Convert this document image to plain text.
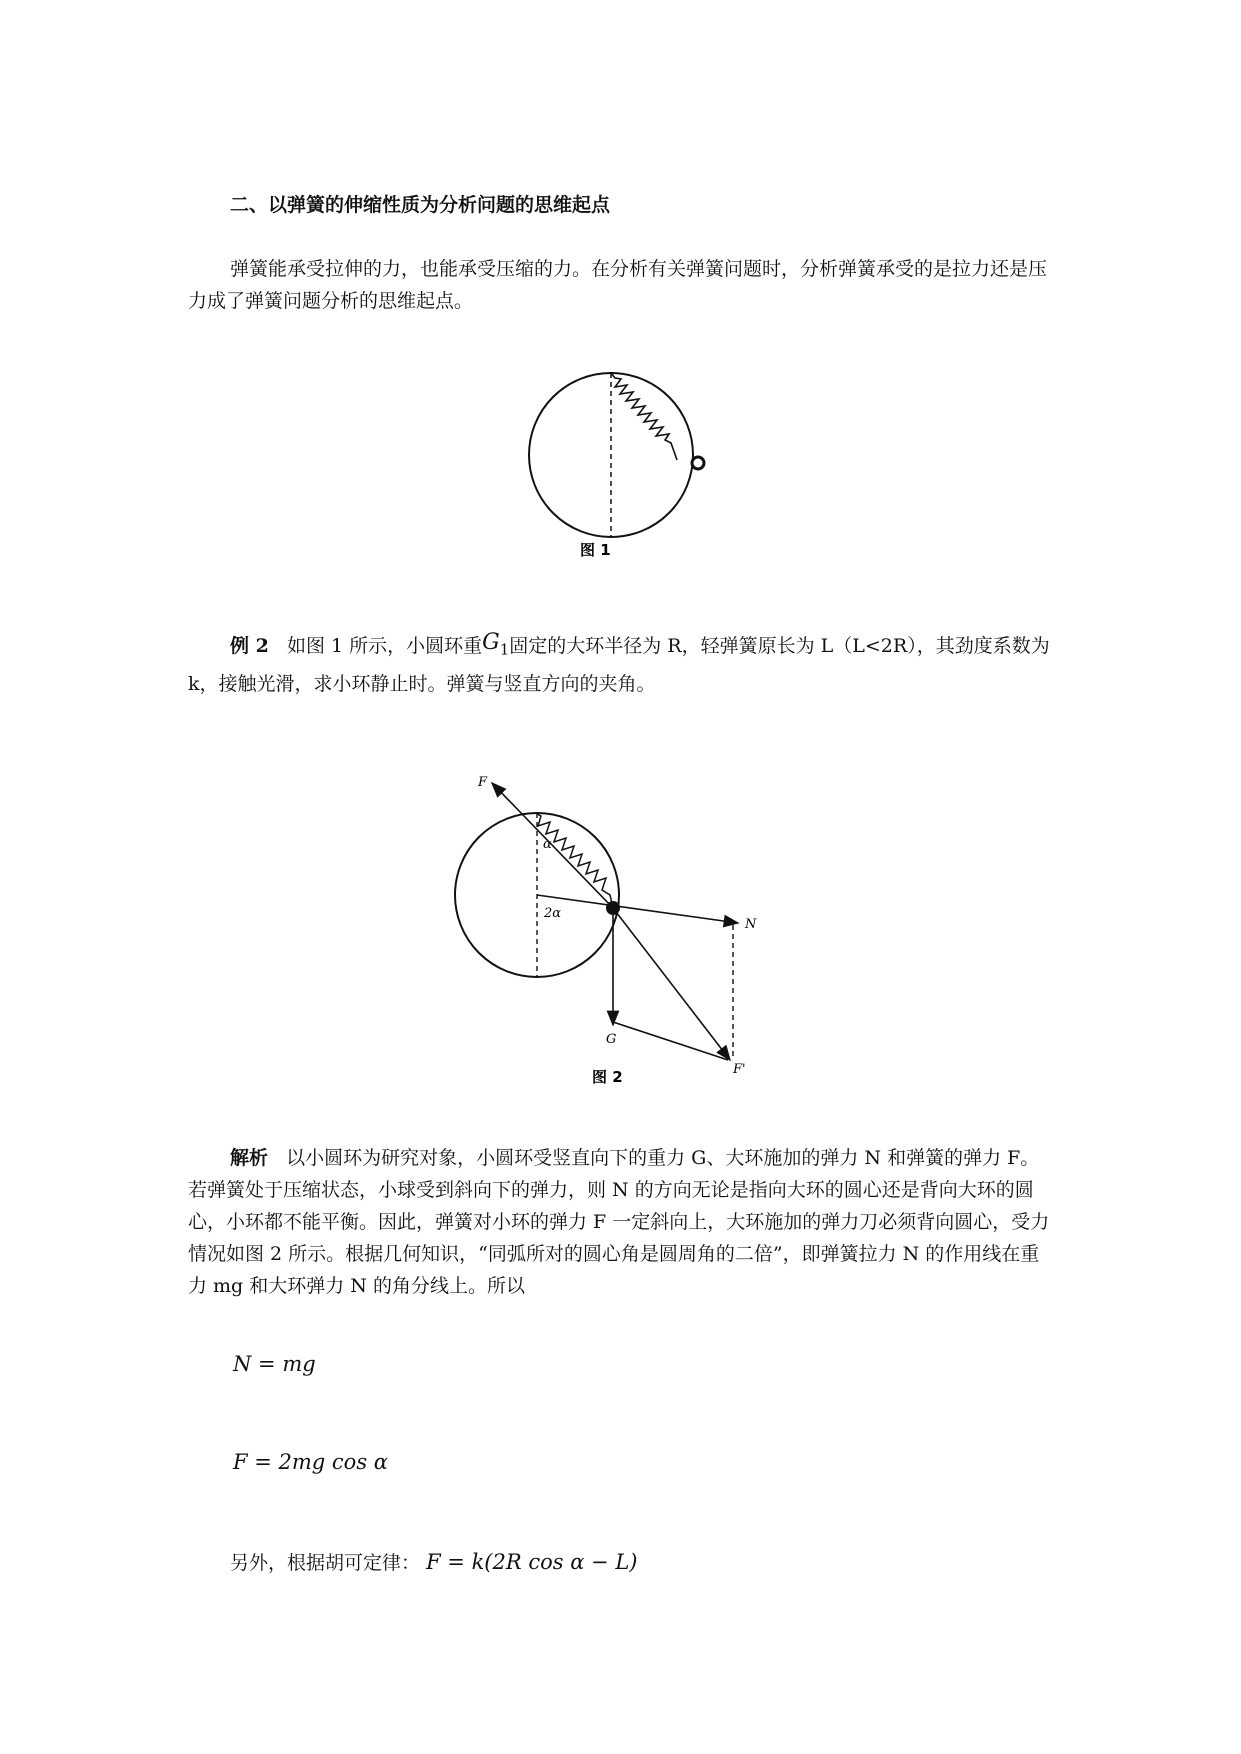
二、以弹簧的伸缩性质为分析问题的思维起点

弹簧能承受拉伸的力，也能承受压缩的力。在分析有关弹簧问题时，分析弹簧承受的是拉力还是压力成了弹簧问题分析的思维起点。

图 1

例 2 如图 1 所示，小圆环重$G_1$固定的大环半径为 R，轻弹簧原长为 L（L<2R），其劲度系数为 k，接触光滑，求小环静止时。弹簧与竖直方向的夹角。

F
α
2α
N
G
F'
图 2

解析 以小圆环为研究对象，小圆环受竖直向下的重力 G、大环施加的弹力 N 和弹簧的弹力 F。若弹簧处于压缩状态，小球受到斜向下的弹力，则 N 的方向无论是指向大环的圆心还是背向大环的圆心，小环都不能平衡。因此，弹簧对小环的弹力 F 一定斜向上，大环施加的弹力刀必须背向圆心，受力情况如图 2 所示。根据几何知识，“同弧所对的圆心角是圆周角的二倍”，即弹簧拉力 N 的作用线在重力 mg 和大环弹力 N 的角分线上。所以

N = mg
F = 2mg cos α
另外，根据胡可定律： F = k(2R cos α − L)
